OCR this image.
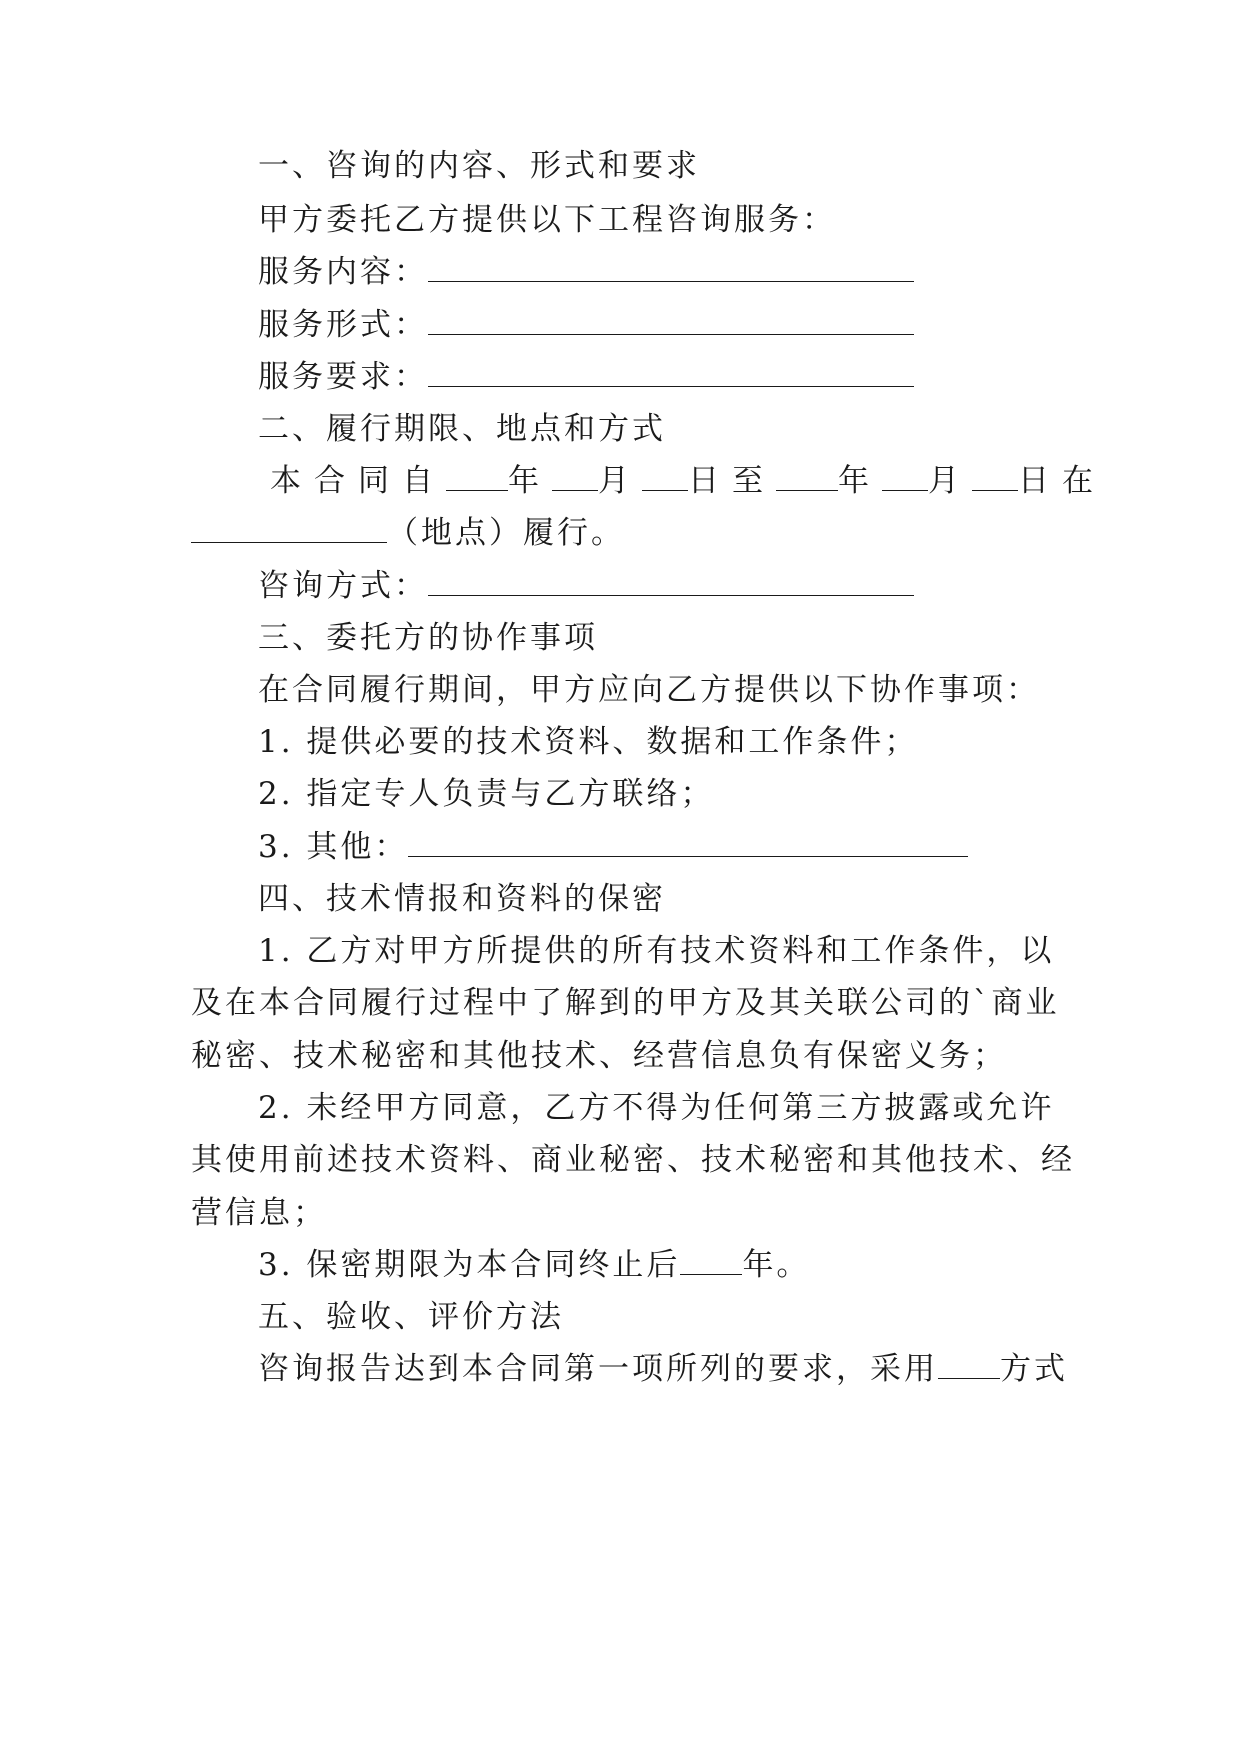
一、咨询的内容、形式和要求
甲方委托乙方提供以下工程咨询服务：
服务内容：
服务形式：
服务要求：
二、履行期限、地点和方式
本合同自 年 月 日至 年 月 日在
（地点）履行。
咨询方式：
三、委托方的协作事项
在合同履行期间，甲方应向乙方提供以下协作事项：
1. 提供必要的技术资料、数据和工作条件；
2. 指定专人负责与乙方联络；
3. 其他：
四、技术情报和资料的保密
1. 乙方对甲方所提供的所有技术资料和工作条件，以
及在本合同履行过程中了解到的甲方及其关联公司的`商业
秘密、技术秘密和其他技术、经营信息负有保密义务；
2. 未经甲方同意，乙方不得为任何第三方披露或允许
其使用前述技术资料、商业秘密、技术秘密和其他技术、经
营信息；
3. 保密期限为本合同终止后 年。
五、验收、评价方法
咨询报告达到本合同第一项所列的要求，采用 方式
